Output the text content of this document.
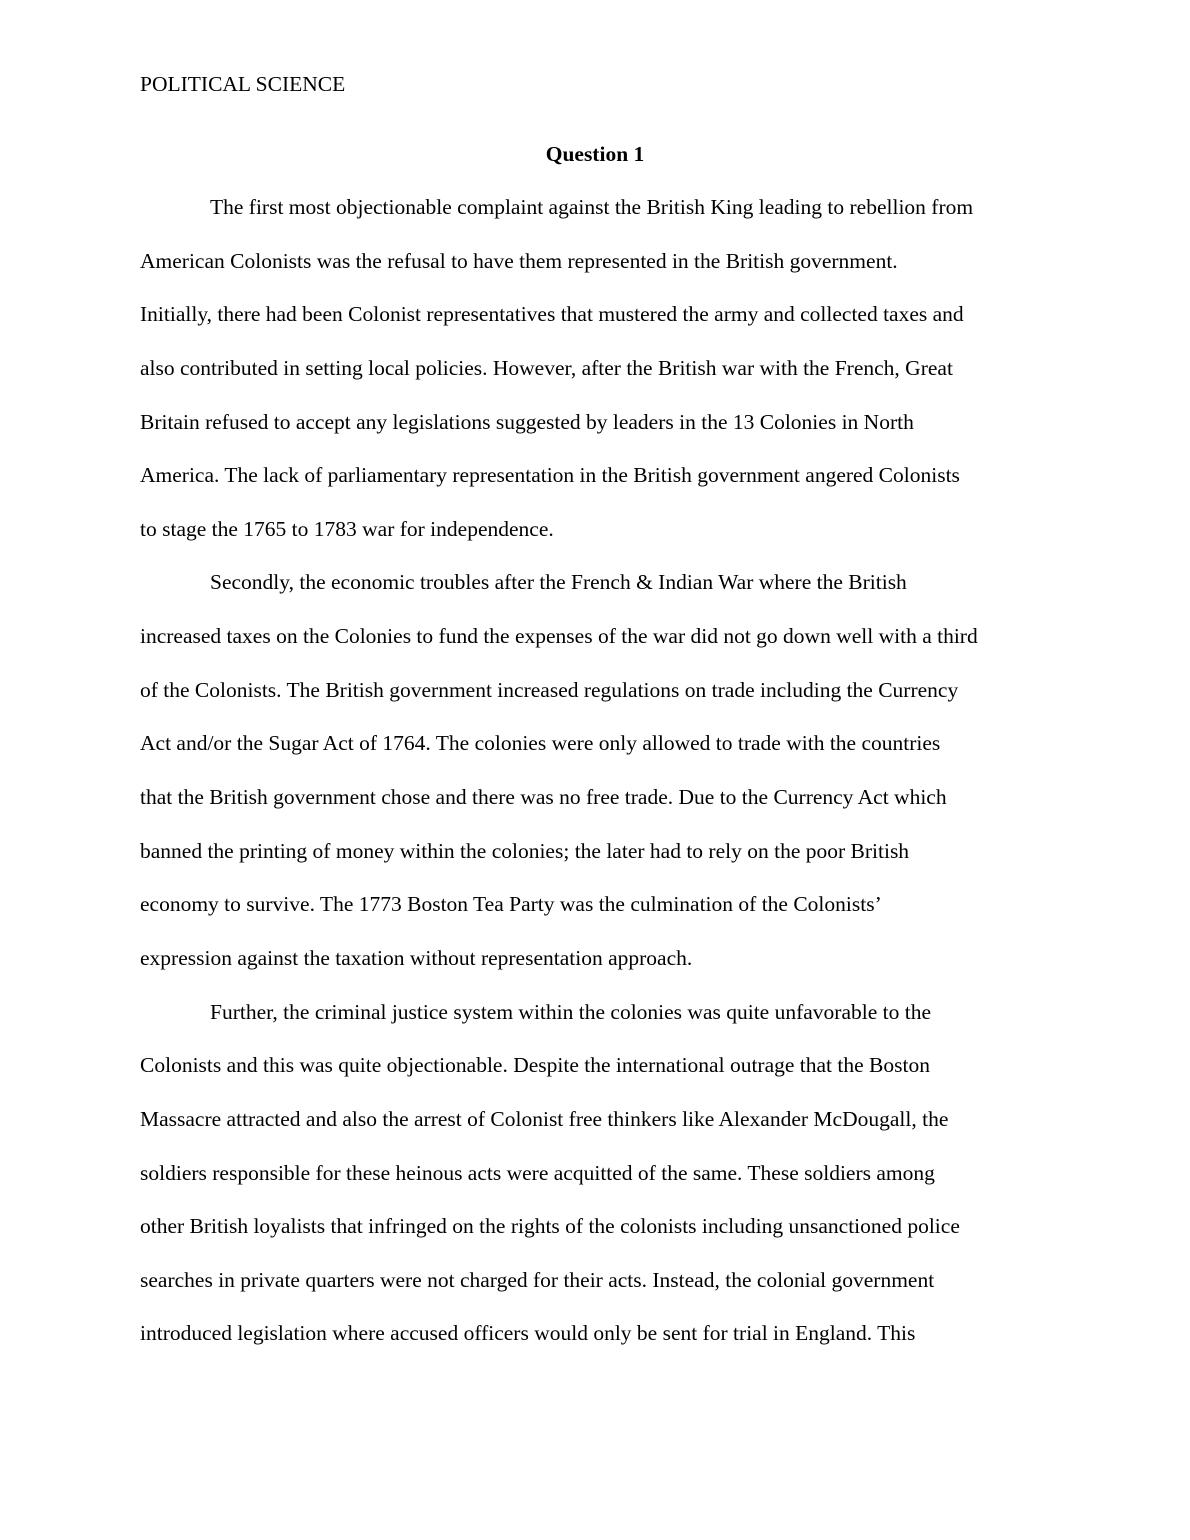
POLITICAL SCIENCE
Question 1
The first most objectionable complaint against the British King leading to rebellion from
American Colonists was the refusal to have them represented in the British government.
Initially, there had been Colonist representatives that mustered the army and collected taxes and
also contributed in setting local policies. However, after the British war with the French, Great
Britain refused to accept any legislations suggested by leaders in the 13 Colonies in North
America. The lack of parliamentary representation in the British government angered Colonists
to stage the 1765 to 1783 war for independence.
Secondly, the economic troubles after the French & Indian War where the British
increased taxes on the Colonies to fund the expenses of the war did not go down well with a third
of the Colonists. The British government increased regulations on trade including the Currency
Act and/or the Sugar Act of 1764. The colonies were only allowed to trade with the countries
that the British government chose and there was no free trade. Due to the Currency Act which
banned the printing of money within the colonies; the later had to rely on the poor British
economy to survive. The 1773 Boston Tea Party was the culmination of the Colonists’
expression against the taxation without representation approach.
Further, the criminal justice system within the colonies was quite unfavorable to the
Colonists and this was quite objectionable. Despite the international outrage that the Boston
Massacre attracted and also the arrest of Colonist free thinkers like Alexander McDougall, the
soldiers responsible for these heinous acts were acquitted of the same. These soldiers among
other British loyalists that infringed on the rights of the colonists including unsanctioned police
searches in private quarters were not charged for their acts. Instead, the colonial government
introduced legislation where accused officers would only be sent for trial in England. This
